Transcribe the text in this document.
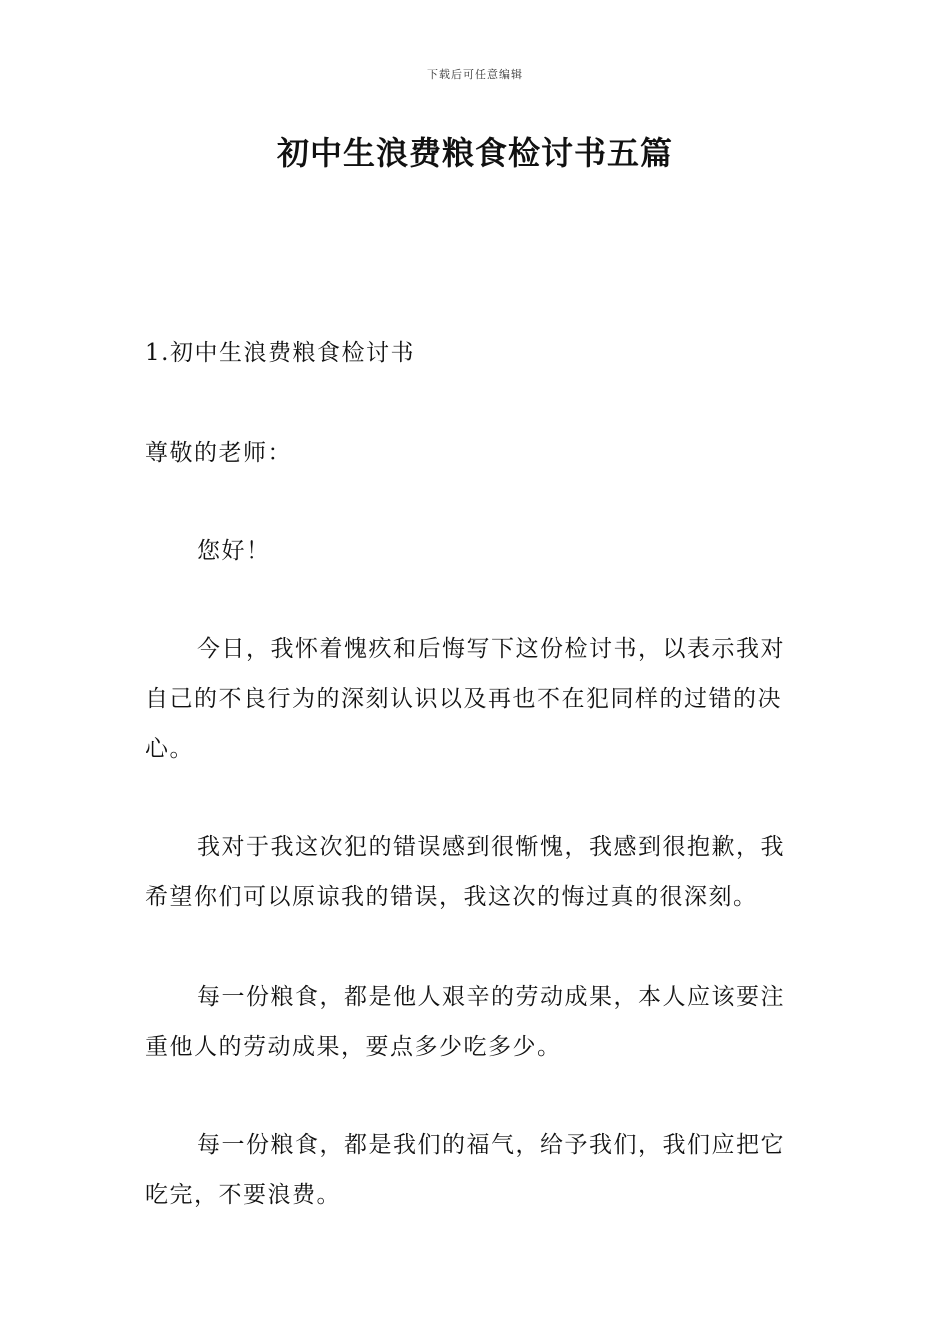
下载后可任意编辑
初中生浪费粮食检讨书五篇

1.初中生浪费粮食检讨书

尊敬的老师：

您好！

今日，我怀着愧疚和后悔写下这份检讨书，以表示我对自己的不良行为的深刻认识以及再也不在犯同样的过错的决心。

我对于我这次犯的错误感到很惭愧，我感到很抱歉，我希望你们可以原谅我的错误，我这次的悔过真的很深刻。

每一份粮食，都是他人艰辛的劳动成果，本人应该要注重他人的劳动成果，要点多少吃多少。

每一份粮食，都是我们的福气，给予我们，我们应把它吃完，不要浪费。
